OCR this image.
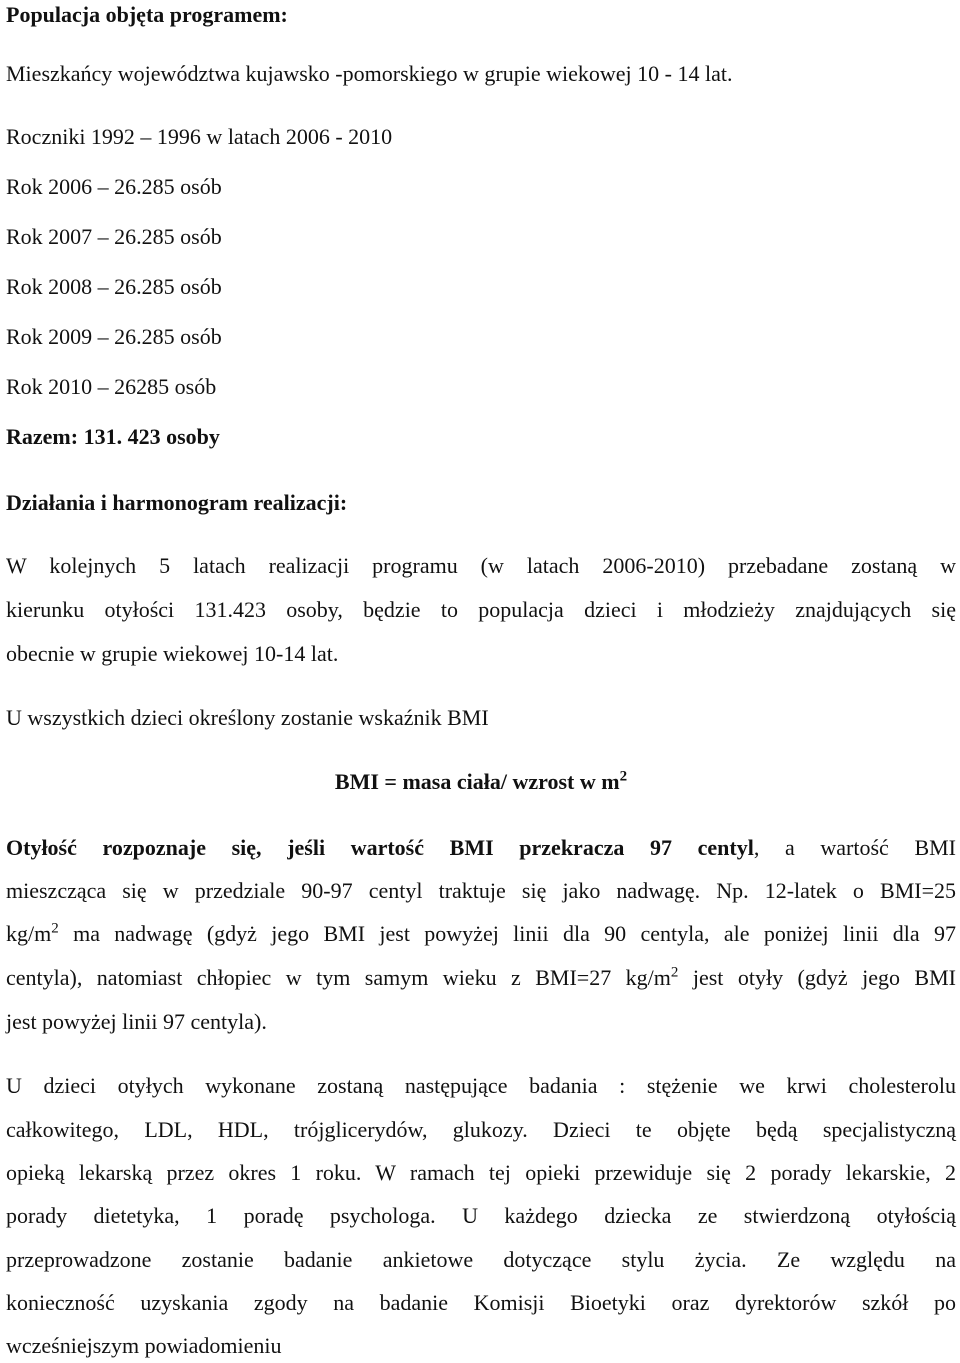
Populacja objęta programem:
Mieszkańcy województwa kujawsko -pomorskiego w grupie wiekowej 10 - 14 lat.
Roczniki 1992 – 1996 w latach 2006 - 2010
Rok 2006 – 26.285 osób
Rok 2007 – 26.285 osób
Rok 2008 – 26.285 osób
Rok 2009 – 26.285 osób
Rok 2010 – 26285 osób
Razem: 131. 423 osoby
Działania i harmonogram realizacji:
W kolejnych 5 latach realizacji programu (w latach 2006-2010) przebadane zostaną w
kierunku otyłości 131.423 osoby, będzie to populacja dzieci i młodzieży znajdujących się
obecnie w grupie wiekowej 10-14 lat.
U wszystkich dzieci określony zostanie wskaźnik BMI
BMI = masa ciała/ wzrost w $m^2$
Otyłość rozpoznaje się, jeśli wartość BMI przekracza 97 centyl, a wartość BMI
mieszcząca się w przedziale 90-97 centyl traktuje się jako nadwagę. Np. 12-latek o BMI=25
$kg/m^2$ ma nadwagę (gdyż jego BMI jest powyżej linii dla 90 centyla, ale poniżej linii dla 97
centyla), natomiast chłopiec w tym samym wieku z BMI=27 $kg/m^2$ jest otyły (gdyż jego BMI
jest powyżej linii 97 centyla).
U dzieci otyłych wykonane zostaną następujące badania : stężenie we krwi cholesterolu
całkowitego, LDL, HDL, trójglicerydów, glukozy. Dzieci te objęte będą specjalistyczną
opieką lekarską przez okres 1 roku. W ramach tej opieki przewiduje się 2 porady lekarskie, 2
porady dietetyka, 1 poradę psychologa. U każdego dziecka ze stwierdzoną otyłością
przeprowadzone zostanie badanie ankietowe dotyczące stylu życia. Ze względu na
konieczność uzyskania zgody na badanie Komisji Bioetyki oraz dyrektorów szkół po
wcześniejszym powiadomieniu
